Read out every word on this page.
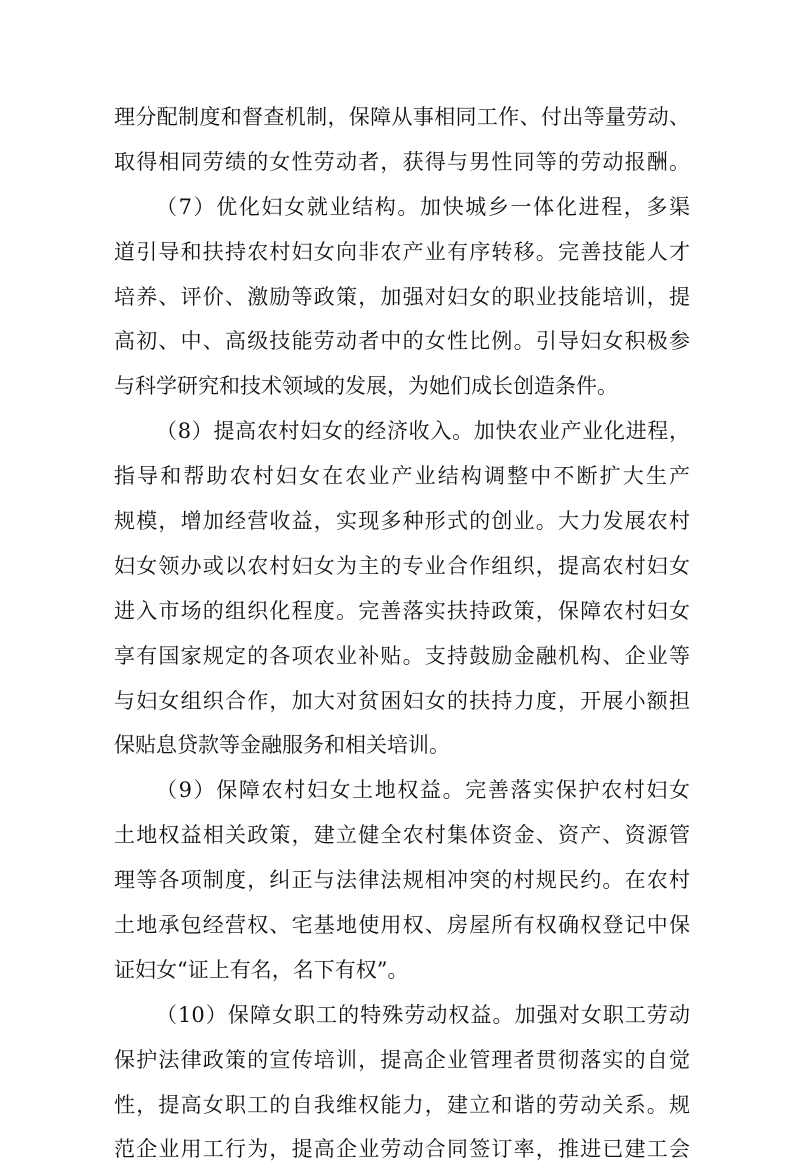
理分配制度和督查机制，保障从事相同工作、付出等量劳动、
取得相同劳绩的女性劳动者，获得与男性同等的劳动报酬。
（7）优化妇女就业结构。加快城乡一体化进程，多渠
道引导和扶持农村妇女向非农产业有序转移。完善技能人才
培养、评价、激励等政策，加强对妇女的职业技能培训，提
高初、中、高级技能劳动者中的女性比例。引导妇女积极参
与科学研究和技术领域的发展，为她们成长创造条件。
（8）提高农村妇女的经济收入。加快农业产业化进程，
指导和帮助农村妇女在农业产业结构调整中不断扩大生产
规模，增加经营收益，实现多种形式的创业。大力发展农村
妇女领办或以农村妇女为主的专业合作组织，提高农村妇女
进入市场的组织化程度。完善落实扶持政策，保障农村妇女
享有国家规定的各项农业补贴。支持鼓励金融机构、企业等
与妇女组织合作，加大对贫困妇女的扶持力度，开展小额担
保贴息贷款等金融服务和相关培训。
（9）保障农村妇女土地权益。完善落实保护农村妇女
土地权益相关政策，建立健全农村集体资金、资产、资源管
理等各项制度，纠正与法律法规相冲突的村规民约。在农村
土地承包经营权、宅基地使用权、房屋所有权确权登记中保
证妇女“证上有名，名下有权”。
（10）保障女职工的特殊劳动权益。加强对女职工劳动
保护法律政策的宣传培训，提高企业管理者贯彻落实的自觉
性，提高女职工的自我维权能力，建立和谐的劳动关系。规
范企业用工行为，提高企业劳动合同签订率，推进已建工会
